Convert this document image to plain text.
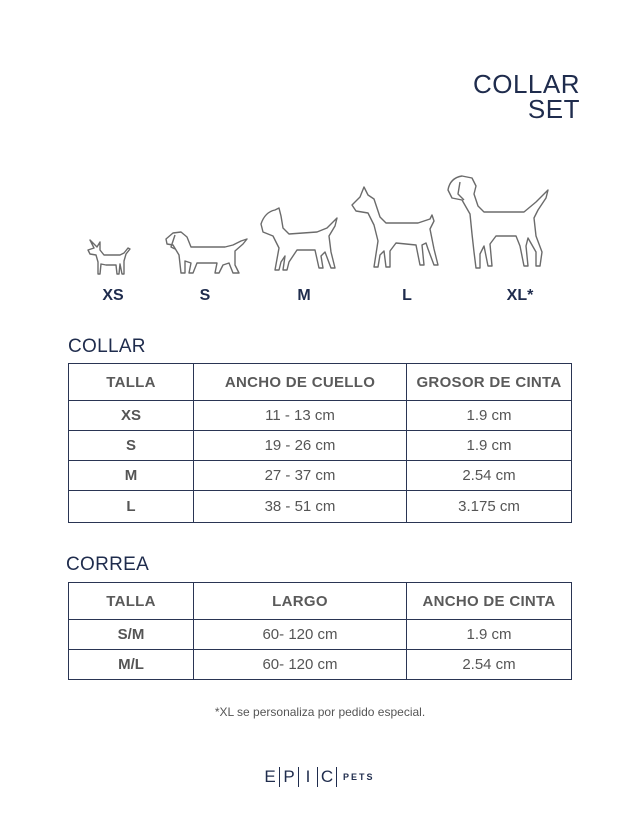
COLLAR
SET
XS	S	M	L	XL*
COLLAR
TALLA	ANCHO DE CUELLO	GROSOR DE CINTA
XS	11 - 13 cm	1.9 cm
S	19 - 26 cm	1.9 cm
M	27 - 37 cm	2.54 cm
L	38 - 51 cm	3.175 cm
CORREA
TALLA	LARGO	ANCHO DE CINTA
S/M	60- 120 cm	1.9 cm
M/L	60- 120 cm	2.54 cm
*XL se personaliza por pedido especial.
E P I C PETS
